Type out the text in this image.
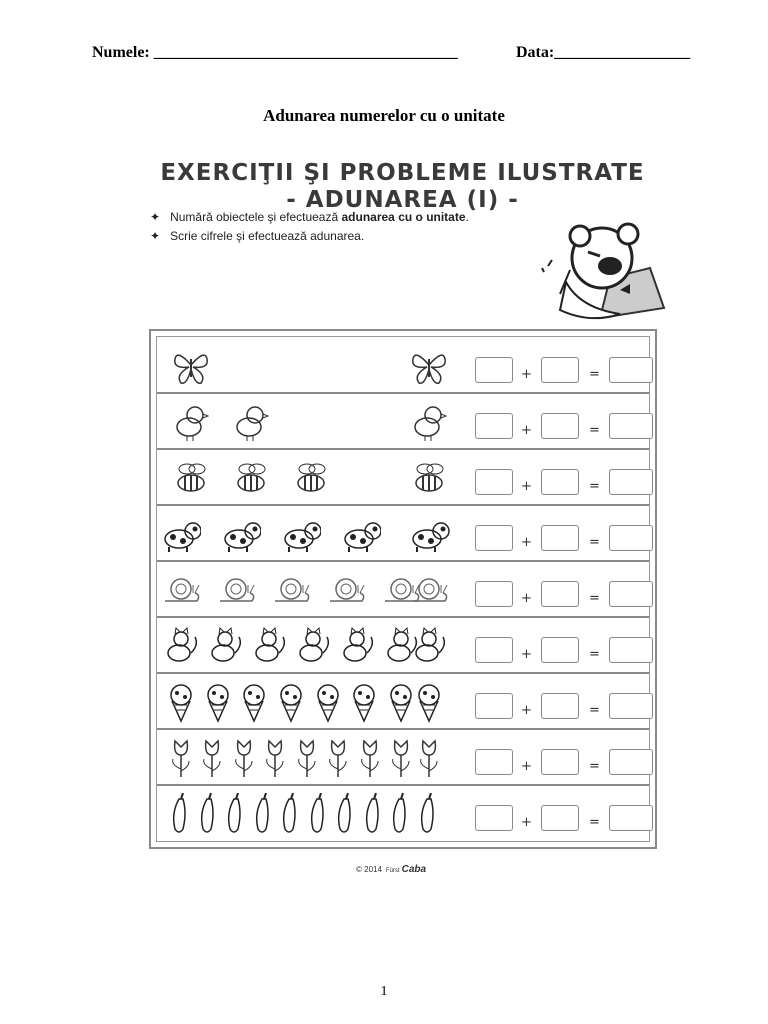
Numele: ______________________________________	Data:_________________
Adunarea numerelor cu o unitate
EXERCIŢII ŞI PROBLEME ILUSTRATE
- ADUNAREA (I) -
✦ Numără obiectele şi efectuează adunarea cu o unitate.
✦ Scrie cifrele şi efectuează adunarea.
+	=
+	=
+	=
+	=
+	=
+	=
+	=
+	=
+	=
© 2014 Fürst Caba
1
